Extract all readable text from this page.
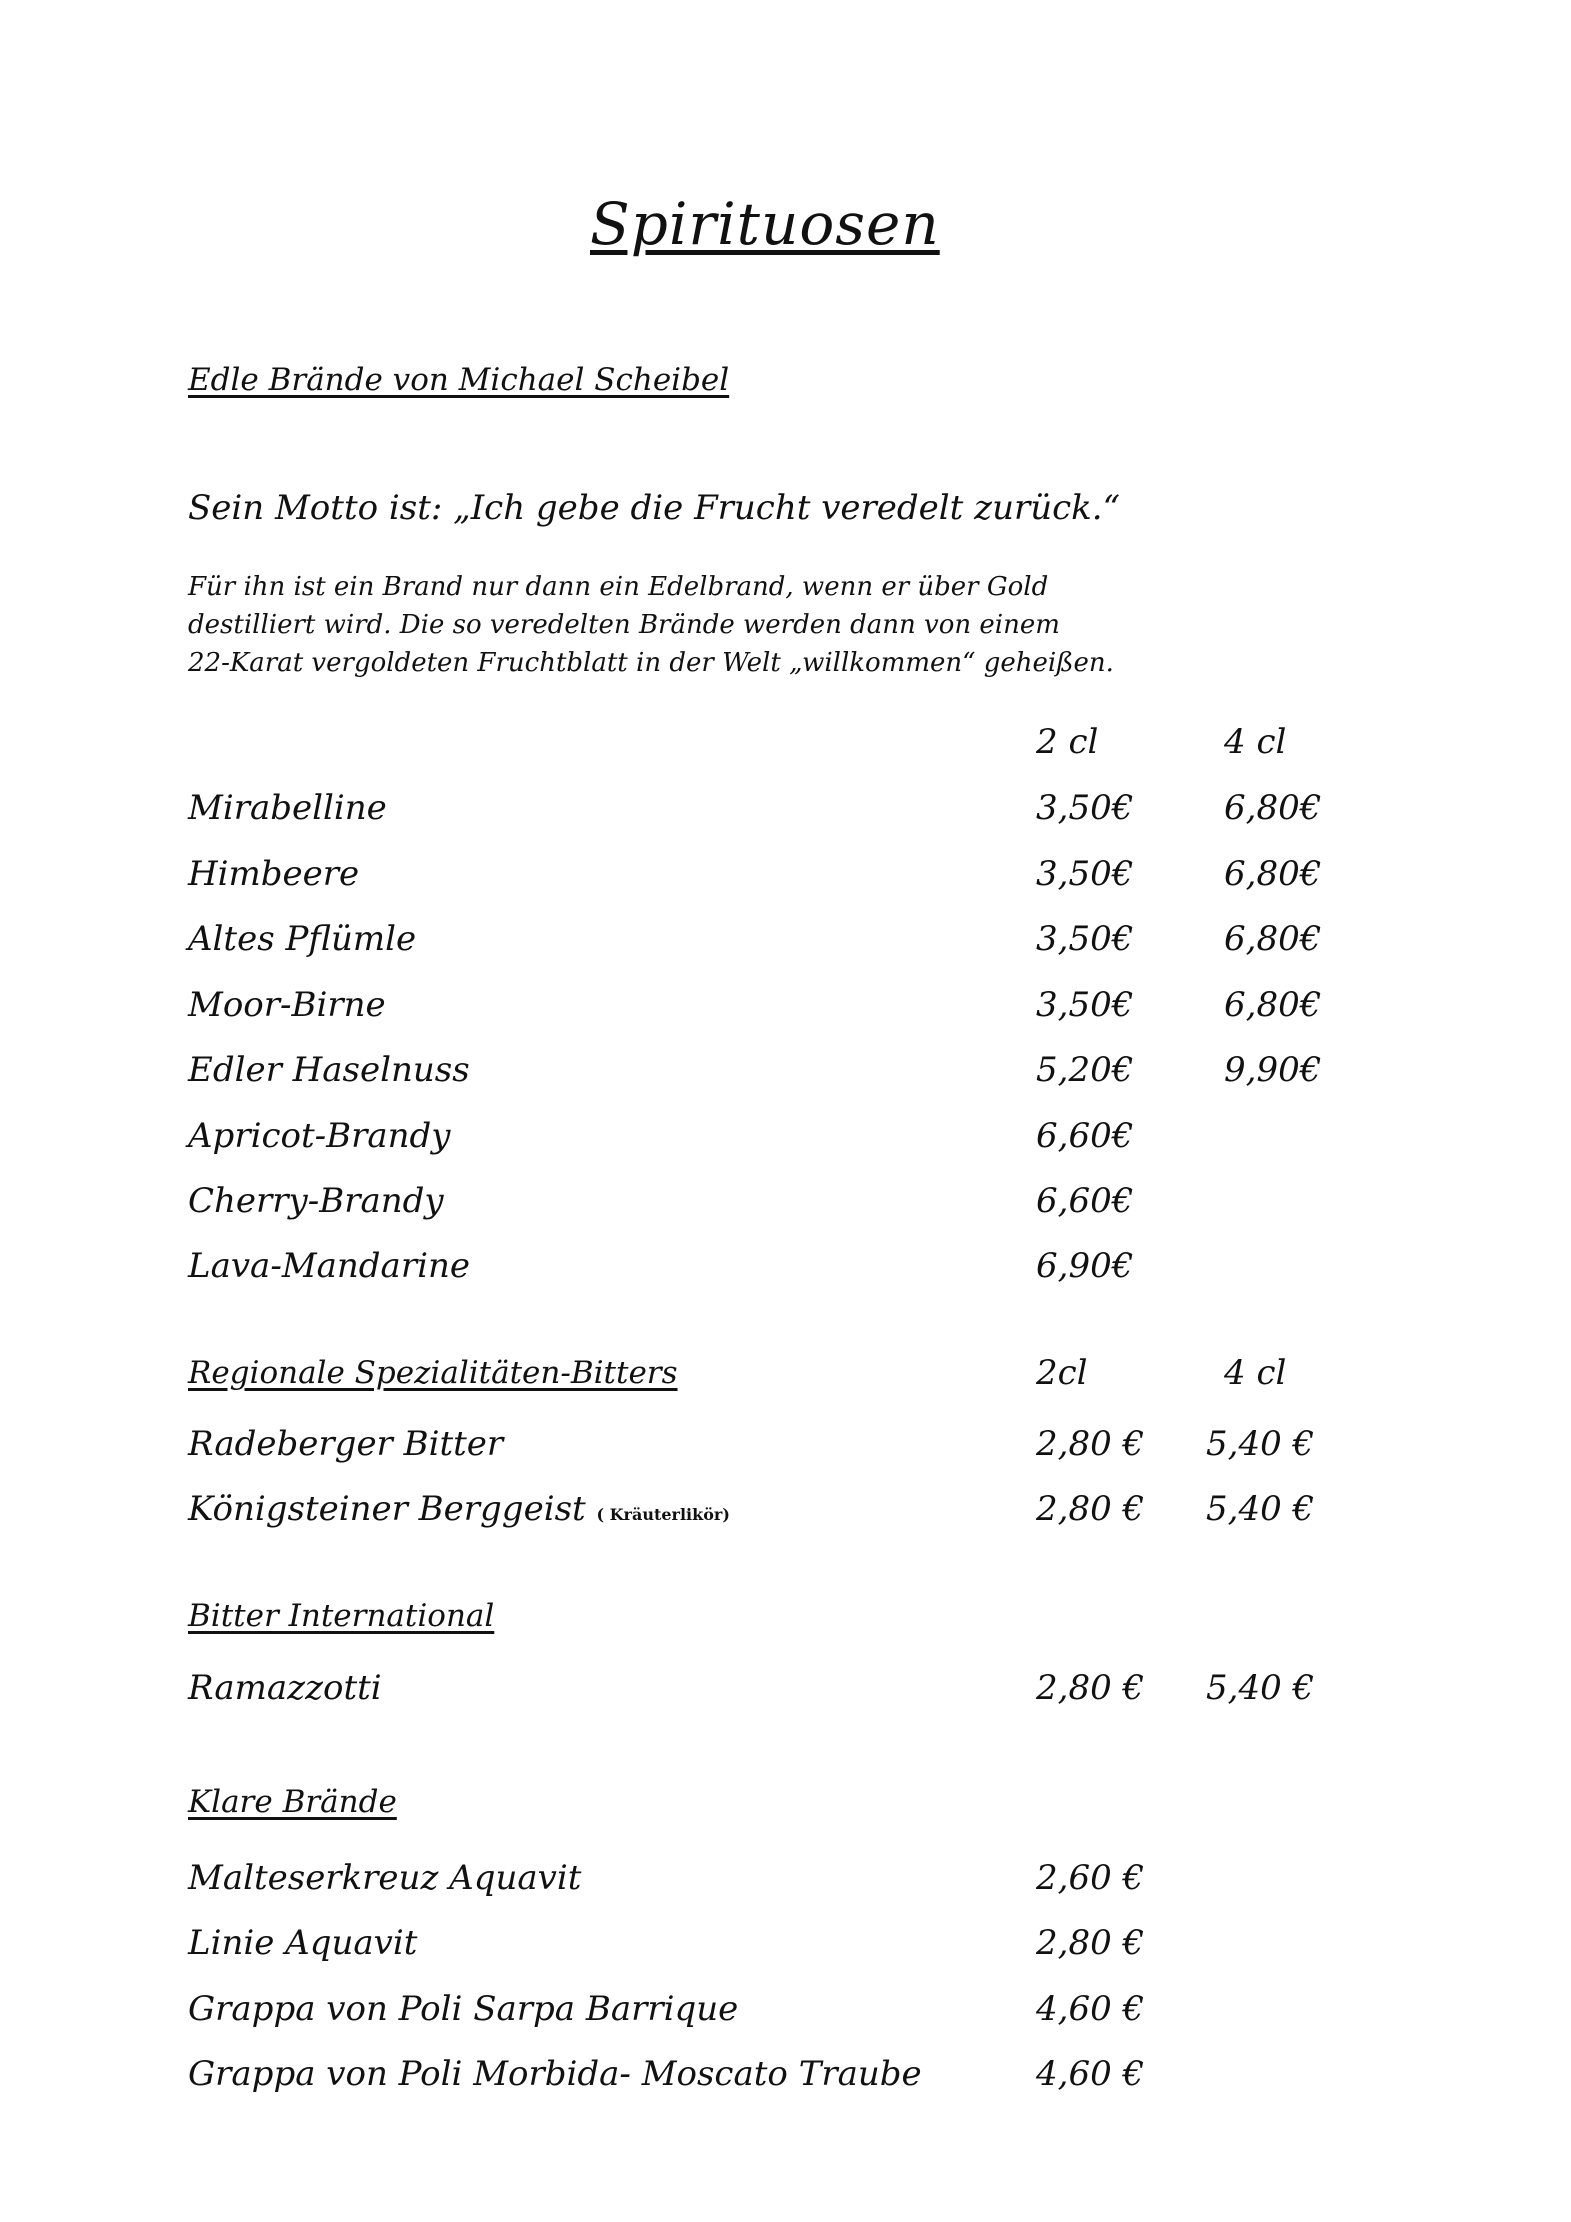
Spirituosen
Edle Brände von Michael Scheibel
Sein Motto ist: „Ich gebe die Frucht veredelt zurück.“
Für ihn ist ein Brand nur dann ein Edelbrand, wenn er über Gold
destilliert wird. Die so veredelten Brände werden dann von einem
22-Karat vergoldeten Fruchtblatt in der Welt „willkommen“ geheißen.
2 cl	4 cl
Mirabelline	3,50€	6,80€
Himbeere	3,50€	6,80€
Altes Pflümle	3,50€	6,80€
Moor-Birne	3,50€	6,80€
Edler Haselnuss	5,20€	9,90€
Apricot-Brandy	6,60€
Cherry-Brandy	6,60€
Lava-Mandarine	6,90€
Regionale Spezialitäten-Bitters	2cl	4 cl
Radeberger Bitter	2,80 € 5,40 €
Königsteiner Berggeist ( Kräuterlikör)	2,80 € 5,40 €
Bitter International
Ramazzotti	2,80 € 5,40 €
Klare Brände
Malteserkreuz Aquavit	2,60 €
Linie Aquavit	2,80 €
Grappa von Poli Sarpa Barrique	4,60 €
Grappa von Poli Morbida- Moscato Traube	4,60 €
